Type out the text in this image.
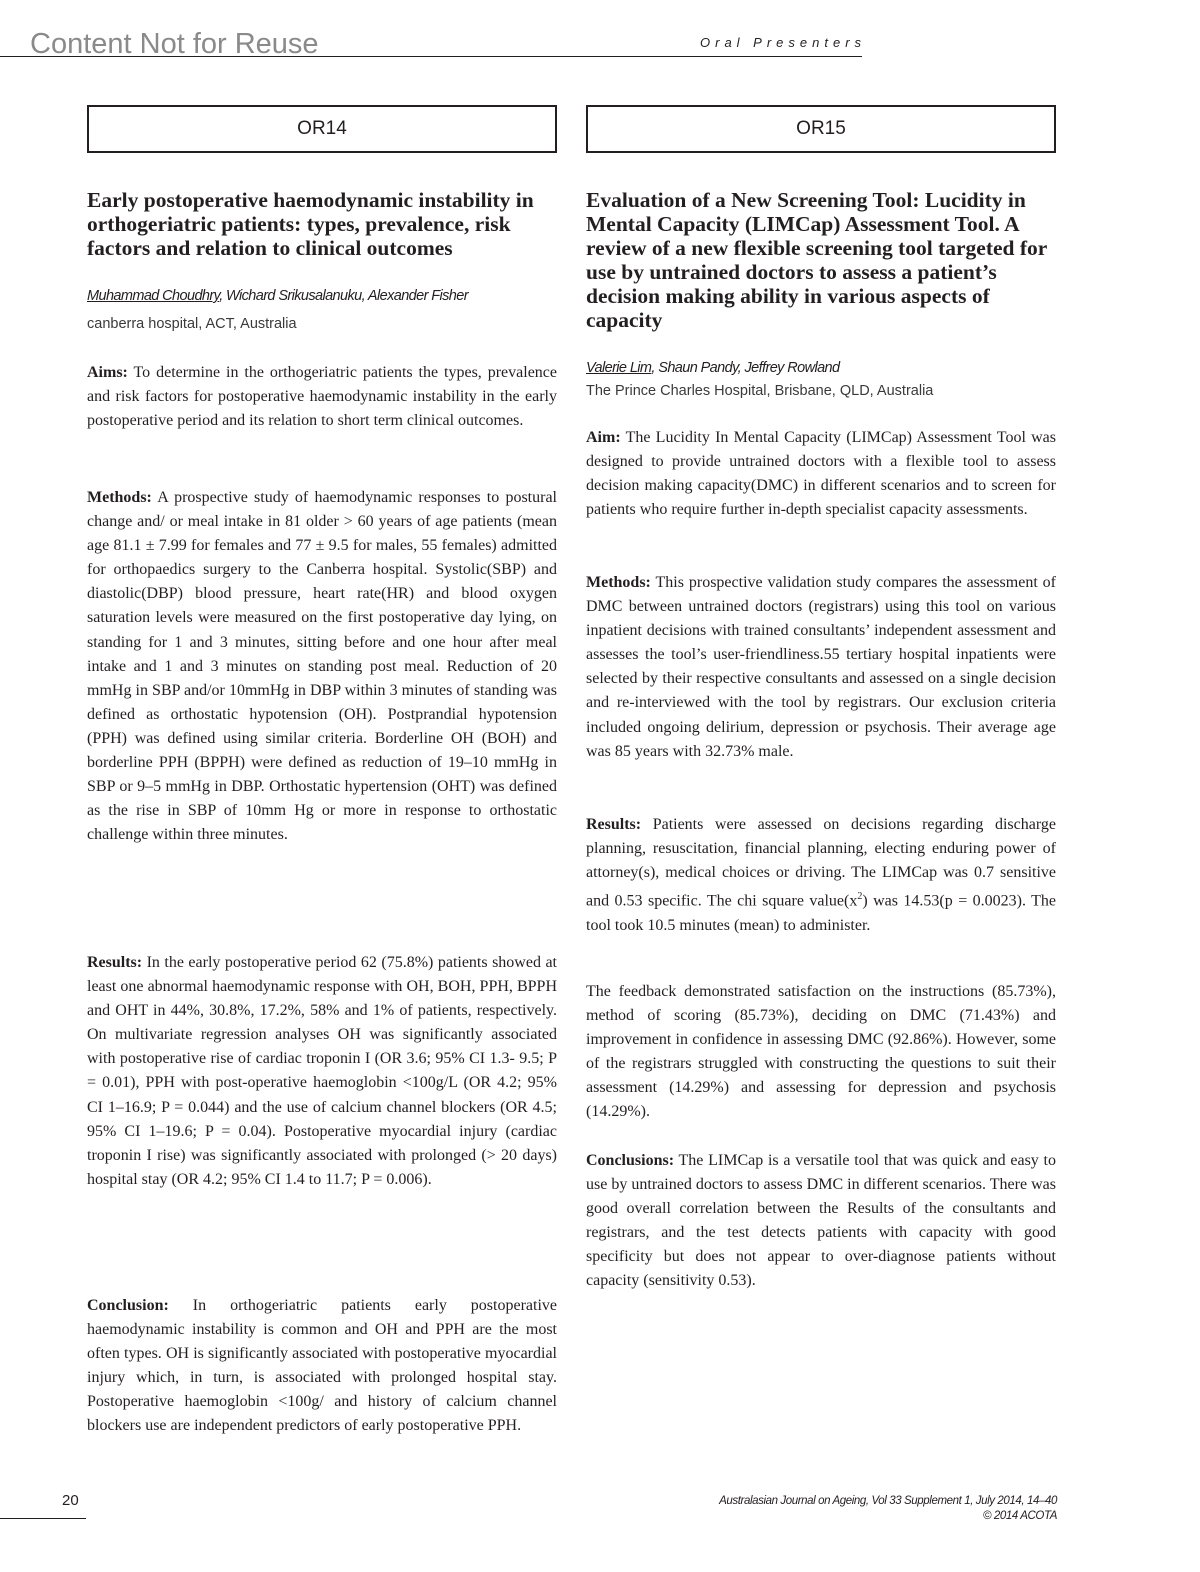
Content Not for Reuse	Oral Presenters
OR14
Early postoperative haemodynamic instability in orthogeriatric patients: types, prevalence, risk factors and relation to clinical outcomes

Muhammad Choudhry, Wichard Srikusalanuku, Alexander Fisher

canberra hospital, ACT, Australia

Aims: To determine in the orthogeriatric patients the types, prevalence and risk factors for postoperative haemodynamic instability in the early postoperative period and its relation to short term clinical outcomes.

Methods: A prospective study of haemodynamic responses to postural change and/ or meal intake in 81 older > 60 years of age patients (mean age 81.1 ± 7.99 for females and 77 ± 9.5 for males, 55 females) admitted for orthopaedics surgery to the Canberra hospital. Systolic(SBP) and diastolic(DBP) blood pressure, heart rate(HR) and blood oxygen saturation levels were measured on the first postoperative day lying, on standing for 1 and 3 minutes, sitting before and one hour after meal intake and 1 and 3 minutes on standing post meal. Reduction of 20 mmHg in SBP and/or 10mmHg in DBP within 3 minutes of standing was defined as orthostatic hypotension (OH). Postprandial hypotension (PPH) was defined using similar criteria. Borderline OH (BOH) and borderline PPH (BPPH) were defined as reduction of 19–10 mmHg in SBP or 9–5 mmHg in DBP. Orthostatic hypertension (OHT) was defined as the rise in SBP of 10mm Hg or more in response to orthostatic challenge within three minutes.

Results: In the early postoperative period 62 (75.8%) patients showed at least one abnormal haemodynamic response with OH, BOH, PPH, BPPH and OHT in 44%, 30.8%, 17.2%, 58% and 1% of patients, respectively. On multivariate regression analyses OH was significantly associated with postoperative rise of cardiac troponin I (OR 3.6; 95% CI 1.3- 9.5; P = 0.01), PPH with post-operative haemoglobin <100g/L (OR 4.2; 95% CI 1–16.9; P = 0.044) and the use of calcium channel blockers (OR 4.5; 95% CI 1–19.6; P = 0.04). Postoperative myocardial injury (cardiac troponin I rise) was significantly associated with prolonged (> 20 days) hospital stay (OR 4.2; 95% CI 1.4 to 11.7; P = 0.006).

Conclusion: In orthogeriatric patients early postoperative haemodynamic instability is common and OH and PPH are the most often types. OH is significantly associated with postoperative myocardial injury which, in turn, is associated with prolonged hospital stay. Postoperative haemoglobin <100g/ and history of calcium channel blockers use are independent predictors of early postoperative PPH.

OR15
Evaluation of a New Screening Tool: Lucidity in Mental Capacity (LIMCap) Assessment Tool. A review of a new flexible screening tool targeted for use by untrained doctors to assess a patient’s decision making ability in various aspects of capacity

Valerie Lim, Shaun Pandy, Jeffrey Rowland

The Prince Charles Hospital, Brisbane, QLD, Australia

Aim: The Lucidity In Mental Capacity (LIMCap) Assessment Tool was designed to provide untrained doctors with a flexible tool to assess decision making capacity(DMC) in different scenarios and to screen for patients who require further in-depth specialist capacity assessments.

Methods: This prospective validation study compares the assessment of DMC between untrained doctors (registrars) using this tool on various inpatient decisions with trained consultants’ independent assessment and assesses the tool’s user-friendliness.55 tertiary hospital inpatients were selected by their respective consultants and assessed on a single decision and re-interviewed with the tool by registrars. Our exclusion criteria included ongoing delirium, depression or psychosis. Their average age was 85 years with 32.73% male.

Results: Patients were assessed on decisions regarding discharge planning, resuscitation, financial planning, electing enduring power of attorney(s), medical choices or driving. The LIMCap was 0.7 sensitive and 0.53 specific. The chi square $value(x^2)$ was 14.53(p = 0.0023). The tool took 10.5 minutes (mean) to administer.

The feedback demonstrated satisfaction on the instructions (85.73%), method of scoring (85.73%), deciding on DMC (71.43%) and improvement in confidence in assessing DMC (92.86%). However, some of the registrars struggled with constructing the questions to suit their assessment (14.29%) and assessing for depression and psychosis (14.29%).

Conclusions: The LIMCap is a versatile tool that was quick and easy to use by untrained doctors to assess DMC in different scenarios. There was good overall correlation between the Results of the consultants and registrars, and the test detects patients with capacity with good specificity but does not appear to over-diagnose patients without capacity (sensitivity 0.53).

20	Australasian Journal on Ageing, Vol 33 Supplement 1, July 2014, 14–40
© 2014 ACOTA
